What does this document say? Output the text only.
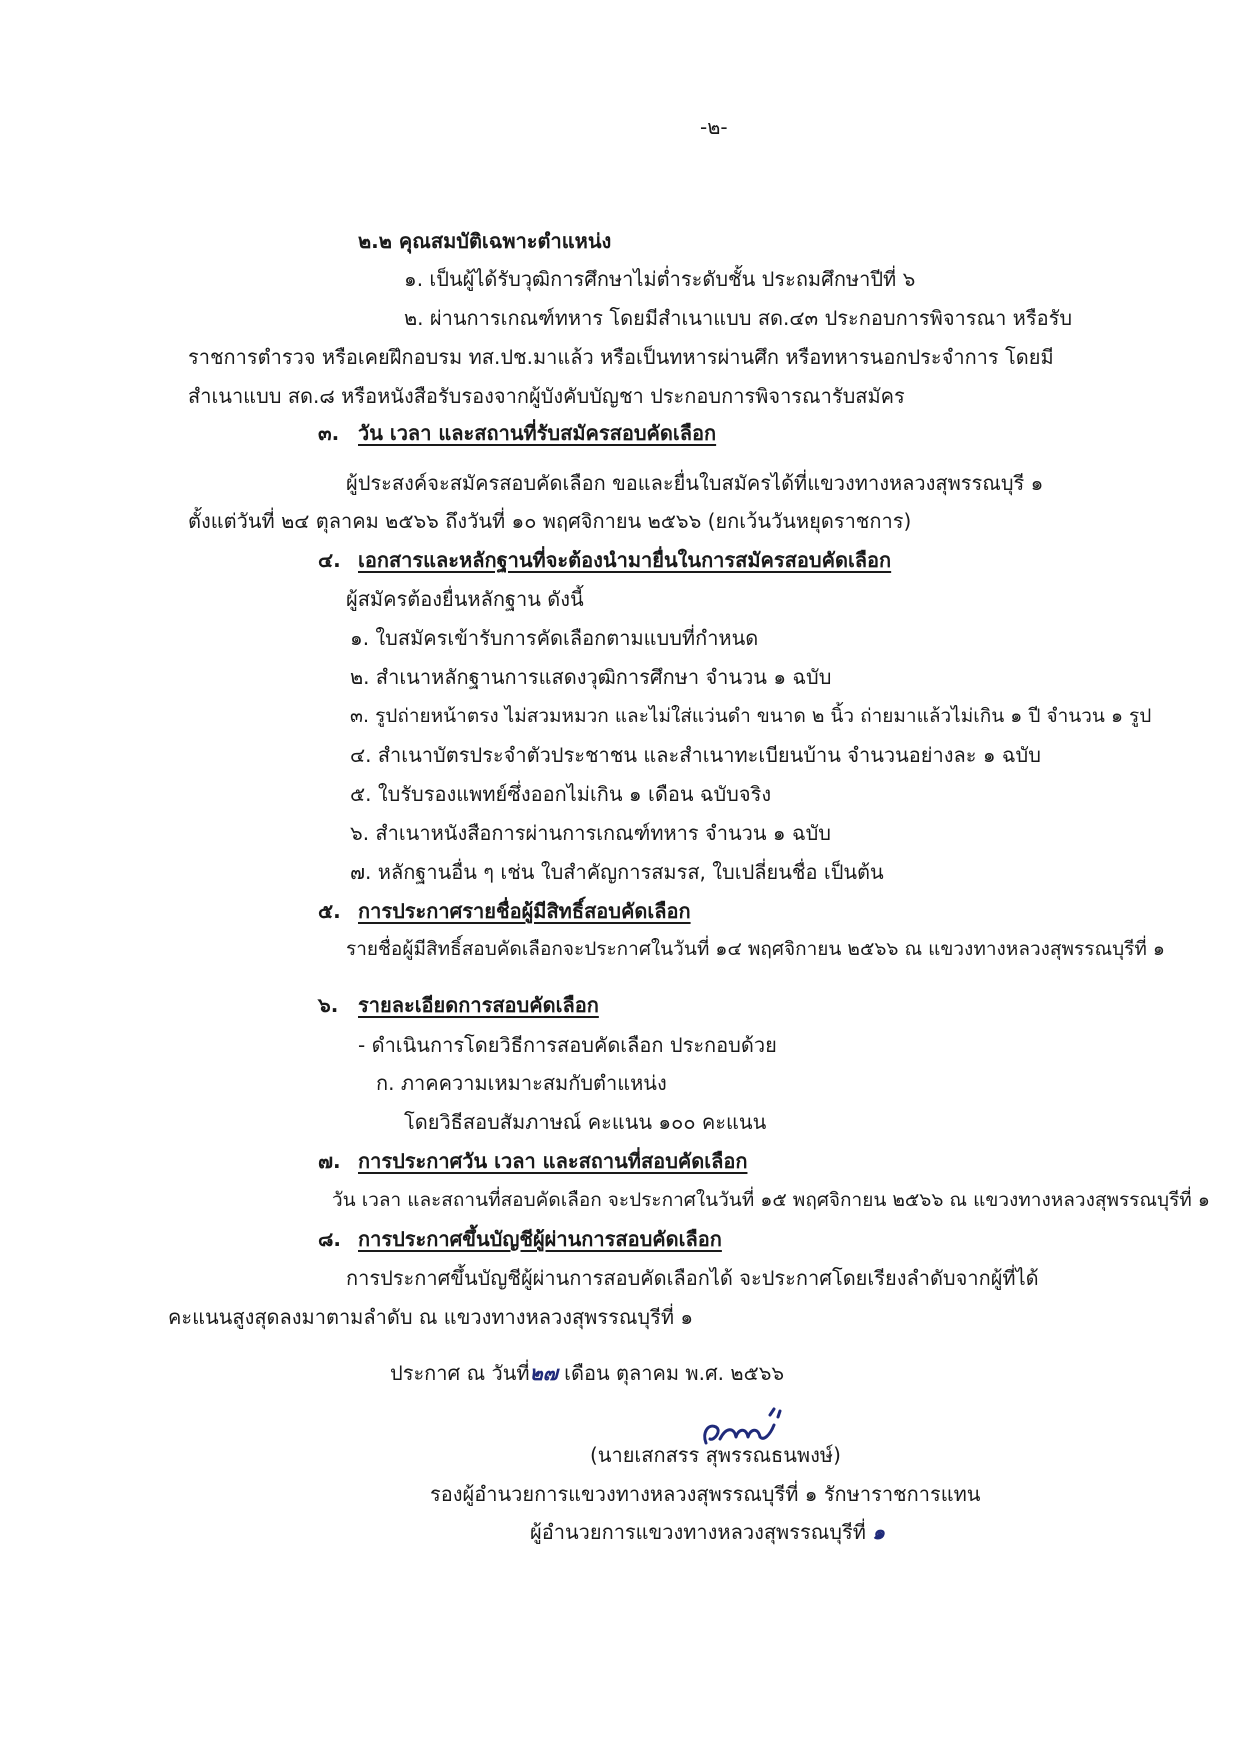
-๒-
๒.๒ คุณสมบัติเฉพาะตำแหน่ง
๑. เป็นผู้ได้รับวุฒิการศึกษาไม่ต่ำระดับชั้น ประถมศึกษาปีที่ ๖
๒. ผ่านการเกณฑ์ทหาร โดยมีสำเนาแบบ สด.๔๓ ประกอบการพิจารณา หรือรับ
ราชการตำรวจ หรือเคยฝึกอบรม ทส.ปช.มาแล้ว หรือเป็นทหารผ่านศึก หรือทหารนอกประจำการ โดยมี
สำเนาแบบ สด.๘ หรือหนังสือรับรองจากผู้บังคับบัญชา ประกอบการพิจารณารับสมัคร
๓. วัน เวลา และสถานที่รับสมัครสอบคัดเลือก
ผู้ประสงค์จะสมัครสอบคัดเลือก ขอและยื่นใบสมัครได้ที่แขวงทางหลวงสุพรรณบุรี ๑
ตั้งแต่วันที่ ๒๔ ตุลาคม ๒๕๖๖ ถึงวันที่ ๑๐ พฤศจิกายน ๒๕๖๖ (ยกเว้นวันหยุดราชการ)
๔. เอกสารและหลักฐานที่จะต้องนำมายื่นในการสมัครสอบคัดเลือก
ผู้สมัครต้องยื่นหลักฐาน ดังนี้
๑. ใบสมัครเข้ารับการคัดเลือกตามแบบที่กำหนด
๒. สำเนาหลักฐานการแสดงวุฒิการศึกษา จำนวน ๑ ฉบับ
๓. รูปถ่ายหน้าตรง ไม่สวมหมวก และไม่ใส่แว่นดำ ขนาด ๒ นิ้ว ถ่ายมาแล้วไม่เกิน ๑ ปี จำนวน ๑ รูป
๔. สำเนาบัตรประจำตัวประชาชน และสำเนาทะเบียนบ้าน จำนวนอย่างละ ๑ ฉบับ
๕. ใบรับรองแพทย์ซึ่งออกไม่เกิน ๑ เดือน ฉบับจริง
๖. สำเนาหนังสือการผ่านการเกณฑ์ทหาร จำนวน ๑ ฉบับ
๗. หลักฐานอื่น ๆ เช่น ใบสำคัญการสมรส, ใบเปลี่ยนชื่อ เป็นต้น
๕. การประกาศรายชื่อผู้มีสิทธิ์สอบคัดเลือก
รายชื่อผู้มีสิทธิ์สอบคัดเลือกจะประกาศในวันที่ ๑๔ พฤศจิกายน ๒๕๖๖ ณ แขวงทางหลวงสุพรรณบุรีที่ ๑
๖. รายละเอียดการสอบคัดเลือก
- ดำเนินการโดยวิธีการสอบคัดเลือก ประกอบด้วย
ก. ภาคความเหมาะสมกับตำแหน่ง
โดยวิธีสอบสัมภาษณ์ คะแนน ๑๐๐ คะแนน
๗. การประกาศวัน เวลา และสถานที่สอบคัดเลือก
วัน เวลา และสถานที่สอบคัดเลือก จะประกาศในวันที่ ๑๕ พฤศจิกายน ๒๕๖๖ ณ แขวงทางหลวงสุพรรณบุรีที่ ๑
๘. การประกาศขึ้นบัญชีผู้ผ่านการสอบคัดเลือก
การประกาศขึ้นบัญชีผู้ผ่านการสอบคัดเลือกได้ จะประกาศโดยเรียงลำดับจากผู้ที่ได้
คะแนนสูงสุดลงมาตามลำดับ ณ แขวงทางหลวงสุพรรณบุรีที่ ๑
ประกาศ ณ วันที่๒๗ เดือน ตุลาคม พ.ศ. ๒๕๖๖
(นายเสกสรร สุพรรณธนพงษ์)
รองผู้อำนวยการแขวงทางหลวงสุพรรณบุรีที่ ๑ รักษาราชการแทน
ผู้อำนวยการแขวงทางหลวงสุพรรณบุรีที่ ๑
